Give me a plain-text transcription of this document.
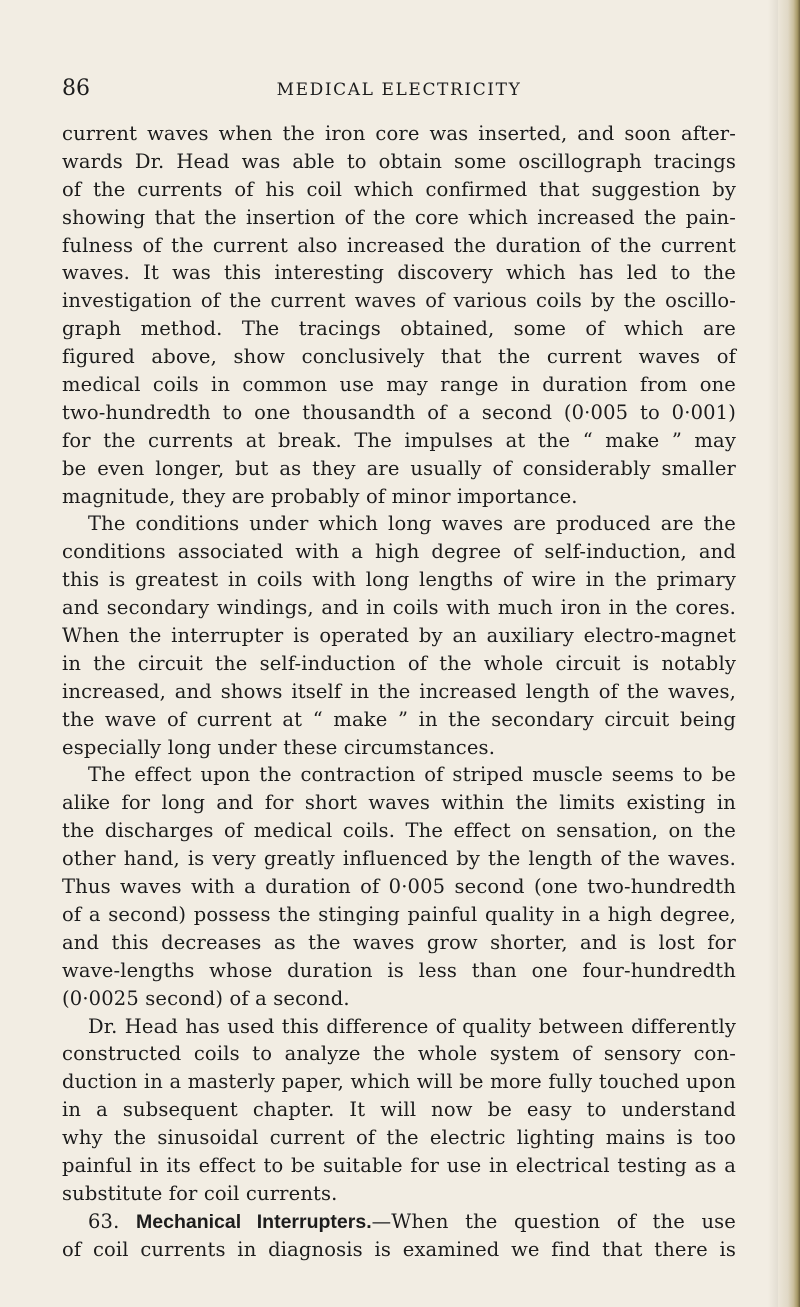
86	MEDICAL ELECTRICITY
current waves when the iron core was inserted, and soon after-
wards Dr. Head was able to obtain some oscillograph tracings
of the currents of his coil which confirmed that suggestion by
showing that the insertion of the core which increased the pain-
fulness of the current also increased the duration of the current
waves. It was this interesting discovery which has led to the
investigation of the current waves of various coils by the oscillo-
graph method. The tracings obtained, some of which are
figured above, show conclusively that the current waves of
medical coils in common use may range in duration from one
two-hundredth to one thousandth of a second (0·005 to 0·001)
for the currents at break. The impulses at the “ make ” may
be even longer, but as they are usually of considerably smaller
magnitude, they are probably of minor importance.
The conditions under which long waves are produced are the
conditions associated with a high degree of self-induction, and
this is greatest in coils with long lengths of wire in the primary
and secondary windings, and in coils with much iron in the cores.
When the interrupter is operated by an auxiliary electro-magnet
in the circuit the self-induction of the whole circuit is notably
increased, and shows itself in the increased length of the waves,
the wave of current at “ make ” in the secondary circuit being
especially long under these circumstances.
The effect upon the contraction of striped muscle seems to be
alike for long and for short waves within the limits existing in
the discharges of medical coils. The effect on sensation, on the
other hand, is very greatly influenced by the length of the waves.
Thus waves with a duration of 0·005 second (one two-hundredth
of a second) possess the stinging painful quality in a high degree,
and this decreases as the waves grow shorter, and is lost for
wave-lengths whose duration is less than one four-hundredth
(0·0025 second) of a second.
Dr. Head has used this difference of quality between differently
constructed coils to analyze the whole system of sensory con-
duction in a masterly paper, which will be more fully touched upon
in a subsequent chapter. It will now be easy to understand
why the sinusoidal current of the electric lighting mains is too
painful in its effect to be suitable for use in electrical testing as a
substitute for coil currents.
63. Mechanical Interrupters.—When the question of the use
of coil currents in diagnosis is examined we find that there is
